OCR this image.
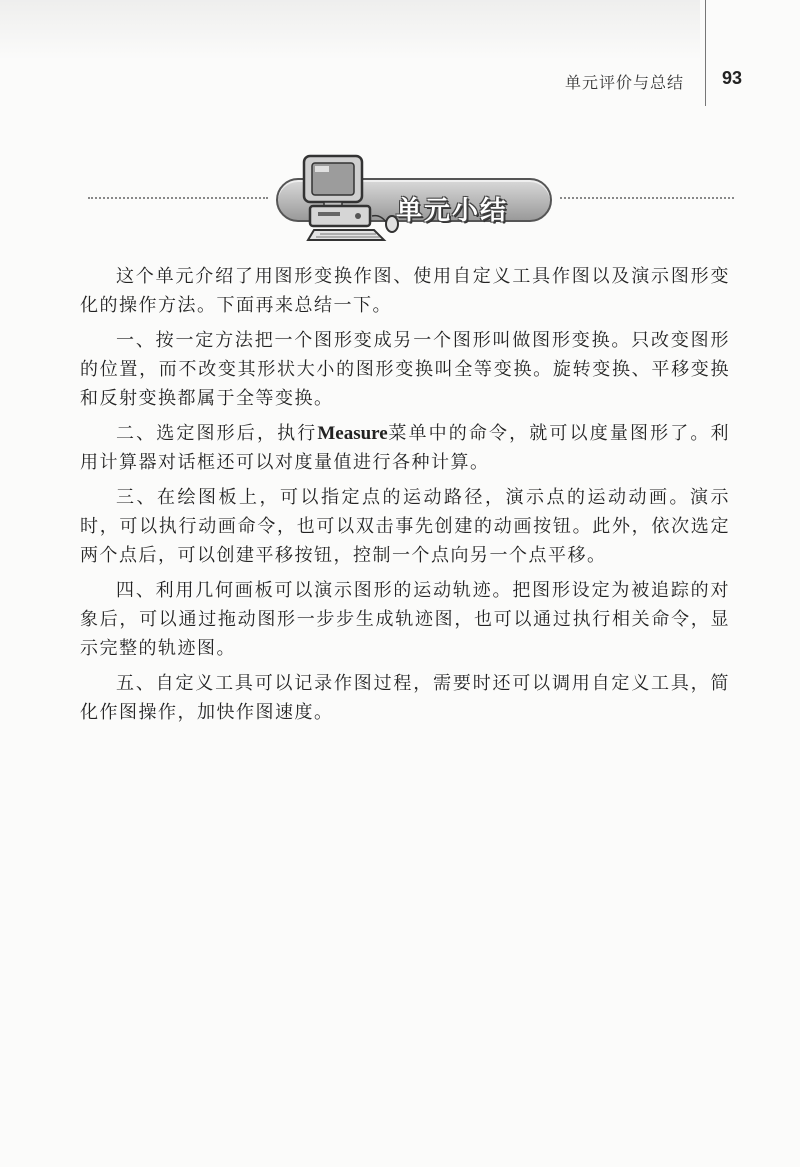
单元评价与总结 93
单元小结

这个单元介绍了用图形变换作图、使用自定义工具作图以及演示图形变化的操作方法。下面再来总结一下。

一、按一定方法把一个图形变成另一个图形叫做图形变换。只改变图形的位置，而不改变其形状大小的图形变换叫全等变换。旋转变换、平移变换和反射变换都属于全等变换。

二、选定图形后，执行Measure菜单中的命令，就可以度量图形了。利用计算器对话框还可以对度量值进行各种计算。

三、在绘图板上，可以指定点的运动路径，演示点的运动动画。演示时，可以执行动画命令，也可以双击事先创建的动画按钮。此外，依次选定两个点后，可以创建平移按钮，控制一个点向另一个点平移。

四、利用几何画板可以演示图形的运动轨迹。把图形设定为被追踪的对象后，可以通过拖动图形一步步生成轨迹图，也可以通过执行相关命令，显示完整的轨迹图。

五、自定义工具可以记录作图过程，需要时还可以调用自定义工具，简化作图操作，加快作图速度。
